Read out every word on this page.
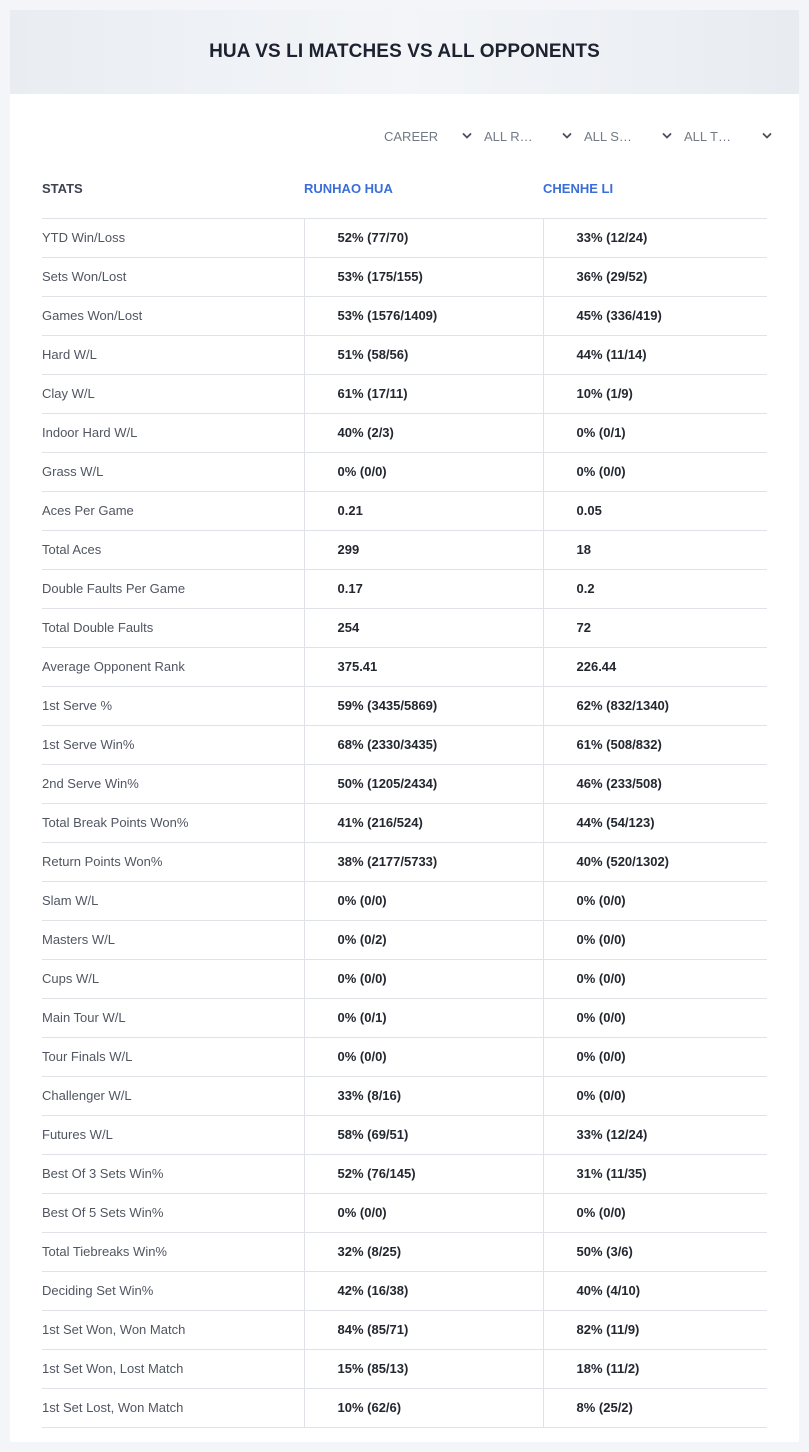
HUA VS LI MATCHES VS ALL OPPONENTS
CAREER	ALL R…	ALL S…	ALL T…
STATS	RUNHAO HUA	CHENHE LI
YTD Win/Loss	52% (77/70)	33% (12/24)
Sets Won/Lost	53% (175/155)	36% (29/52)
Games Won/Lost	53% (1576/1409)	45% (336/419)
Hard W/L	51% (58/56)	44% (11/14)
Clay W/L	61% (17/11)	10% (1/9)
Indoor Hard W/L	40% (2/3)	0% (0/1)
Grass W/L	0% (0/0)	0% (0/0)
Aces Per Game	0.21	0.05
Total Aces	299	18
Double Faults Per Game	0.17	0.2
Total Double Faults	254	72
Average Opponent Rank	375.41	226.44
1st Serve %	59% (3435/5869)	62% (832/1340)
1st Serve Win%	68% (2330/3435)	61% (508/832)
2nd Serve Win%	50% (1205/2434)	46% (233/508)
Total Break Points Won%	41% (216/524)	44% (54/123)
Return Points Won%	38% (2177/5733)	40% (520/1302)
Slam W/L	0% (0/0)	0% (0/0)
Masters W/L	0% (0/2)	0% (0/0)
Cups W/L	0% (0/0)	0% (0/0)
Main Tour W/L	0% (0/1)	0% (0/0)
Tour Finals W/L	0% (0/0)	0% (0/0)
Challenger W/L	33% (8/16)	0% (0/0)
Futures W/L	58% (69/51)	33% (12/24)
Best Of 3 Sets Win%	52% (76/145)	31% (11/35)
Best Of 5 Sets Win%	0% (0/0)	0% (0/0)
Total Tiebreaks Win%	32% (8/25)	50% (3/6)
Deciding Set Win%	42% (16/38)	40% (4/10)
1st Set Won, Won Match	84% (85/71)	82% (11/9)
1st Set Won, Lost Match	15% (85/13)	18% (11/2)
1st Set Lost, Won Match	10% (62/6)	8% (25/2)
